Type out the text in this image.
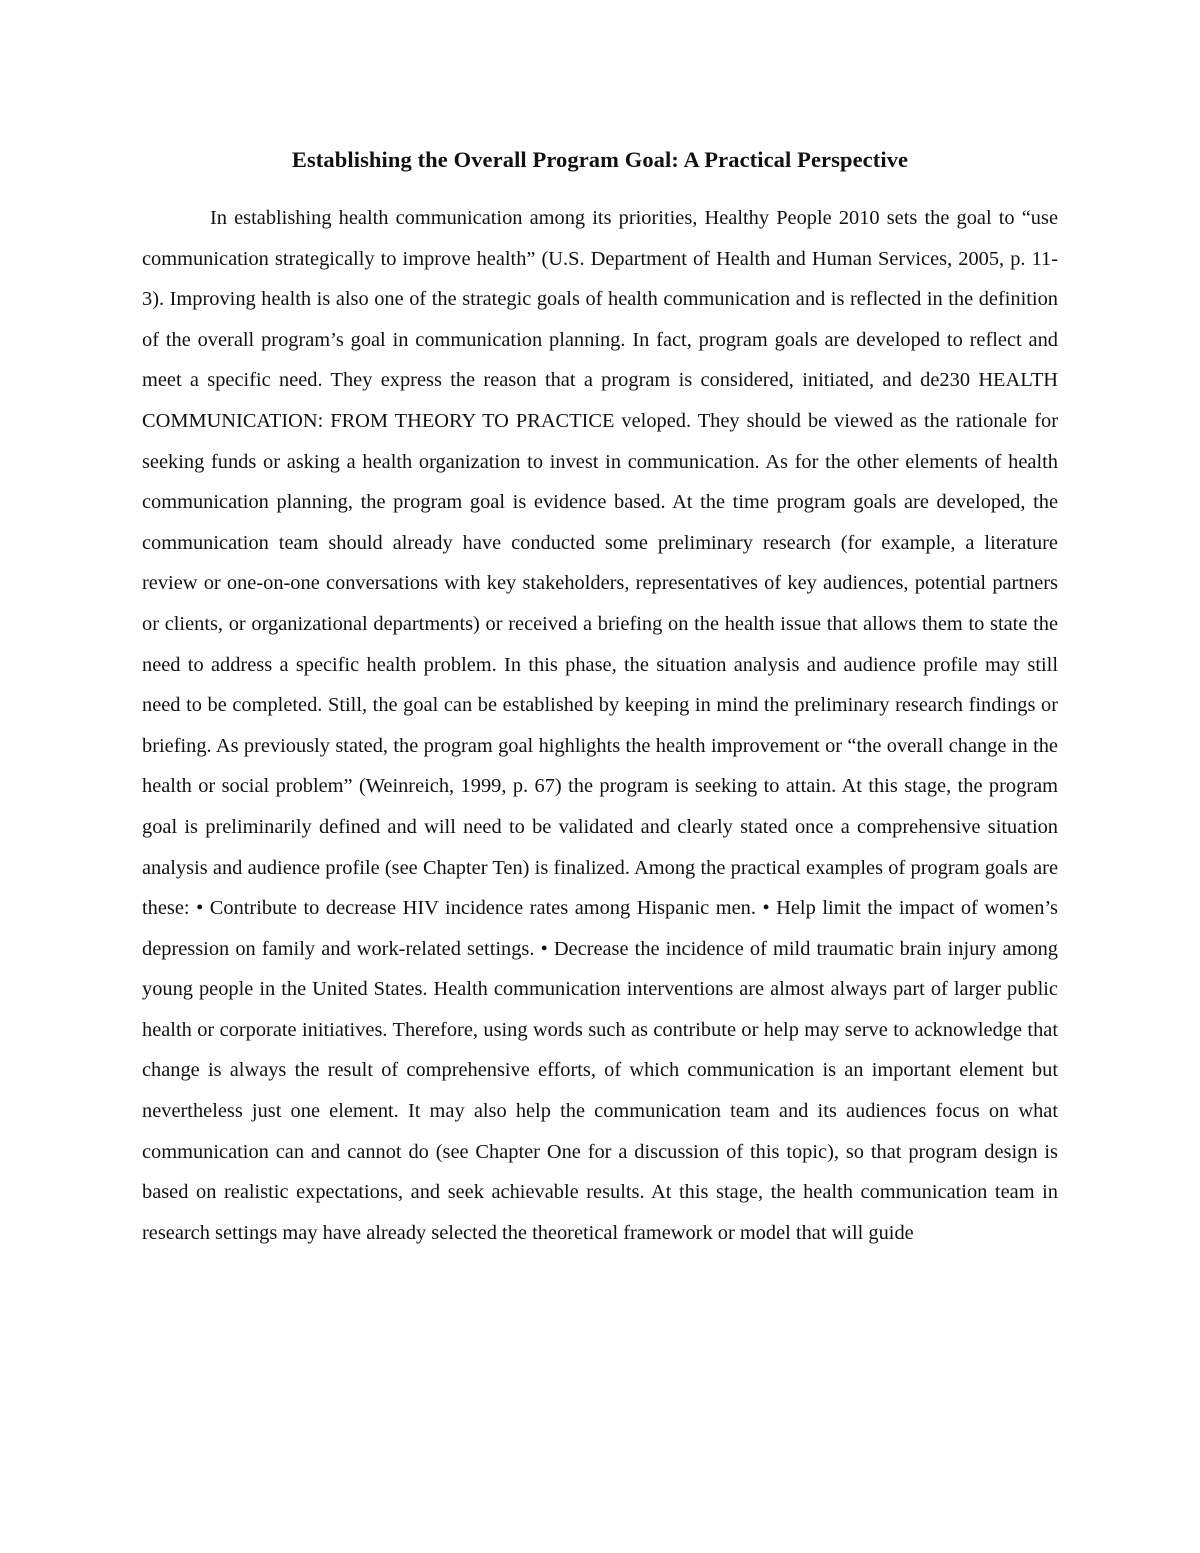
Establishing the Overall Program Goal: A Practical Perspective

In establishing health communication among its priorities, Healthy People 2010 sets the goal to “use communication strategically to improve health” (U.S. Department of Health and Human Services, 2005, p. 11-3). Improving health is also one of the strategic goals of health communication and is reflected in the definition of the overall program’s goal in communication planning. In fact, program goals are developed to reflect and meet a specific need. They express the reason that a program is considered, initiated, and de230 HEALTH COMMUNICATION: FROM THEORY TO PRACTICE veloped. They should be viewed as the rationale for seeking funds or asking a health organization to invest in communication. As for the other elements of health communication planning, the program goal is evidence based. At the time program goals are developed, the communication team should already have conducted some preliminary research (for example, a literature review or one-on-one conversations with key stakeholders, representatives of key audiences, potential partners or clients, or organizational departments) or received a briefing on the health issue that allows them to state the need to address a specific health problem. In this phase, the situation analysis and audience profile may still need to be completed. Still, the goal can be established by keeping in mind the preliminary research findings or briefing. As previously stated, the program goal highlights the health improvement or “the overall change in the health or social problem” (Weinreich, 1999, p. 67) the program is seeking to attain. At this stage, the program goal is preliminarily defined and will need to be validated and clearly stated once a comprehensive situation analysis and audience profile (see Chapter Ten) is finalized. Among the practical examples of program goals are these: • Contribute to decrease HIV incidence rates among Hispanic men. • Help limit the impact of women’s depression on family and work-related settings. • Decrease the incidence of mild traumatic brain injury among young people in the United States. Health communication interventions are almost always part of larger public health or corporate initiatives. Therefore, using words such as contribute or help may serve to acknowledge that change is always the result of comprehensive efforts, of which communication is an important element but nevertheless just one element. It may also help the communication team and its audiences focus on what communication can and cannot do (see Chapter One for a discussion of this topic), so that program design is based on realistic expectations, and seek achievable results. At this stage, the health communication team in research settings may have already selected the theoretical framework or model that will guide
